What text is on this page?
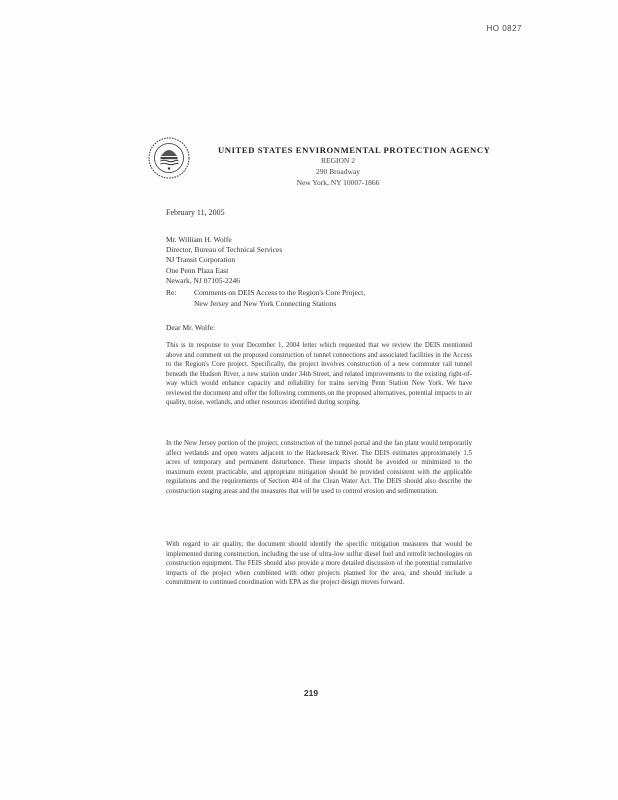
HO 0827
UNITED STATES ENVIRONMENTAL PROTECTION AGENCY
REGION 2
290 Broadway
New York, NY 10007-1866
February 11, 2005
Mr. William H. Wolfe
Director, Bureau of Technical Services
NJ Transit Corporation
One Penn Plaza East
Newark, NJ 07105-2246
Re: Comments on DEIS Access to the Region's Core Project,
New Jersey and New York Connecting Stations
Dear Mr. Wolfe:

This is in response to your December 1, 2004 letter which requested that we review the DEIS mentioned above and comment on the proposed construction of tunnel connections and associated facilities in the Access to the Region's Core project. Specifically, the project involves construction of a new commuter rail tunnel beneath the Hudson River, a new station under 34th Street, and related improvements to the existing right-of-way which would enhance capacity and reliability for trains serving Penn Station New York. We have reviewed the document and offer the following comments on the proposed alternatives, potential impacts to air quality, noise, wetlands, and other resources identified during scoping.

In the New Jersey portion of the project, construction of the tunnel portal and the fan plant would temporarily affect wetlands and open waters adjacent to the Hackensack River. The DEIS estimates approximately 1.5 acres of temporary and permanent disturbance. These impacts should be avoided or minimized to the maximum extent practicable, and appropriate mitigation should be provided consistent with the applicable regulations and the requirements of Section 404 of the Clean Water Act. The DEIS should also describe the construction staging areas and the measures that will be used to control erosion and sedimentation.

With regard to air quality, the document should identify the specific mitigation measures that would be implemented during construction, including the use of ultra-low sulfur diesel fuel and retrofit technologies on construction equipment. The FEIS should also provide a more detailed discussion of the potential cumulative impacts of the project when combined with other projects planned for the area, and should include a commitment to continued coordination with EPA as the project design moves forward.

219
